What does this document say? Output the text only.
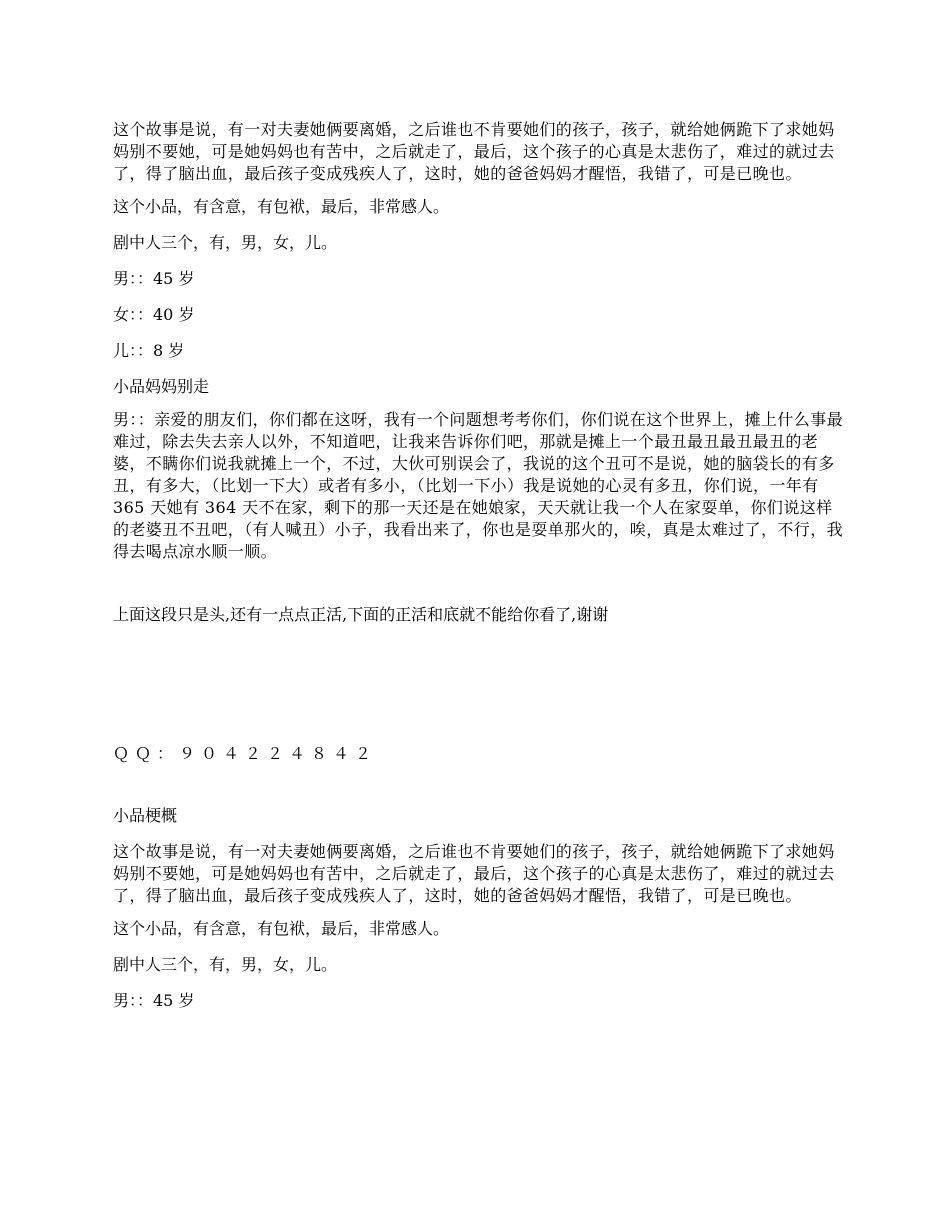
这个故事是说，有一对夫妻她俩要离婚，之后谁也不肯要她们的孩子，孩子，就给她俩跪下了求她妈妈别不要她，可是她妈妈也有苦中，之后就走了，最后，这个孩子的心真是太悲伤了，难过的就过去了，得了脑出血，最后孩子变成残疾人了，这时，她的爸爸妈妈才醒悟，我错了，可是已晚也。

这个小品，有含意，有包袱，最后，非常感人。

剧中人三个，有，男，女，儿。

男：：45 岁

女：：40 岁

儿：：8 岁

小品妈妈别走

男：：亲爱的朋友们，你们都在这呀，我有一个问题想考考你们，你们说在这个世界上，摊上什么事最难过，除去失去亲人以外，不知道吧，让我来告诉你们吧，那就是摊上一个最丑最丑最丑最丑的老婆，不瞒你们说我就摊上一个，不过，大伙可别误会了，我说的这个丑可不是说，她的脑袋长的有多丑，有多大，（比划一下大）或者有多小，（比划一下小）我是说她的心灵有多丑，你们说，一年有 365 天她有 364 天不在家，剩下的那一天还是在她娘家，天天就让我一个人在家耍单，你们说这样的老婆丑不丑吧，（有人喊丑）小子，我看出来了，你也是耍单那火的，唉，真是太难过了，不行，我得去喝点凉水顺一顺。

上面这段只是头,还有一点点正活,下面的正活和底就不能给你看了,谢谢

ＱＱ：９０４２２４８４２

小品梗概

这个故事是说，有一对夫妻她俩要离婚，之后谁也不肯要她们的孩子，孩子，就给她俩跪下了求她妈妈别不要她，可是她妈妈也有苦中，之后就走了，最后，这个孩子的心真是太悲伤了，难过的就过去了，得了脑出血，最后孩子变成残疾人了，这时，她的爸爸妈妈才醒悟，我错了，可是已晚也。

这个小品，有含意，有包袱，最后，非常感人。

剧中人三个，有，男，女，儿。

男：：45 岁
